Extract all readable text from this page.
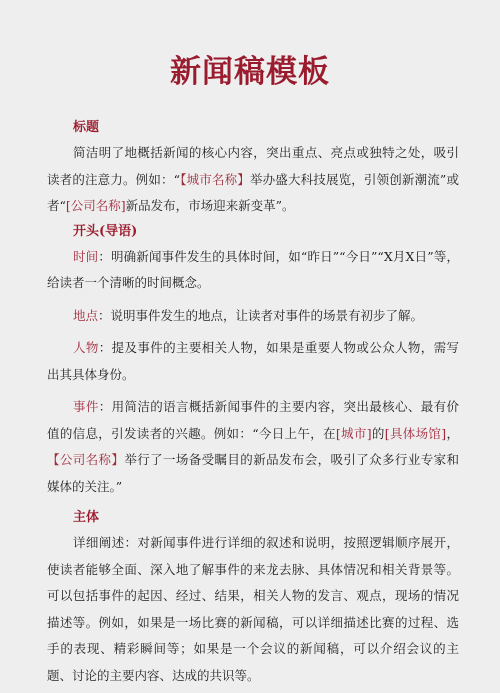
新闻稿模板
标题

简洁明了地概括新闻的核心内容，突出重点、亮点或独特之处，吸引读者的注意力。例如：“【城市名称】举办盛大科技展览，引领创新潮流”或者“[公司名称]新品发布，市场迎来新变革”。

开头(导语)

时间：明确新闻事件发生的具体时间，如“昨日”“今日”“X月X日”等，给读者一个清晰的时间概念。

地点：说明事件发生的地点，让读者对事件的场景有初步了解。

人物：提及事件的主要相关人物，如果是重要人物或公众人物，需写出其具体身份。

事件：用简洁的语言概括新闻事件的主要内容，突出最核心、最有价值的信息，引发读者的兴趣。例如：“今日上午，在[城市]的[具体场馆]，【公司名称】举行了一场备受瞩目的新品发布会，吸引了众多行业专家和媒体的关注。”

主体

详细阐述：对新闻事件进行详细的叙述和说明，按照逻辑顺序展开，使读者能够全面、深入地了解事件的来龙去脉、具体情况和相关背景等。可以包括事件的起因、经过、结果，相关人物的发言、观点，现场的情况描述等。例如，如果是一场比赛的新闻稿，可以详细描述比赛的过程、选手的表现、精彩瞬间等；如果是一个会议的新闻稿，可以介绍会议的主题、讨论的主要内容、达成的共识等。
